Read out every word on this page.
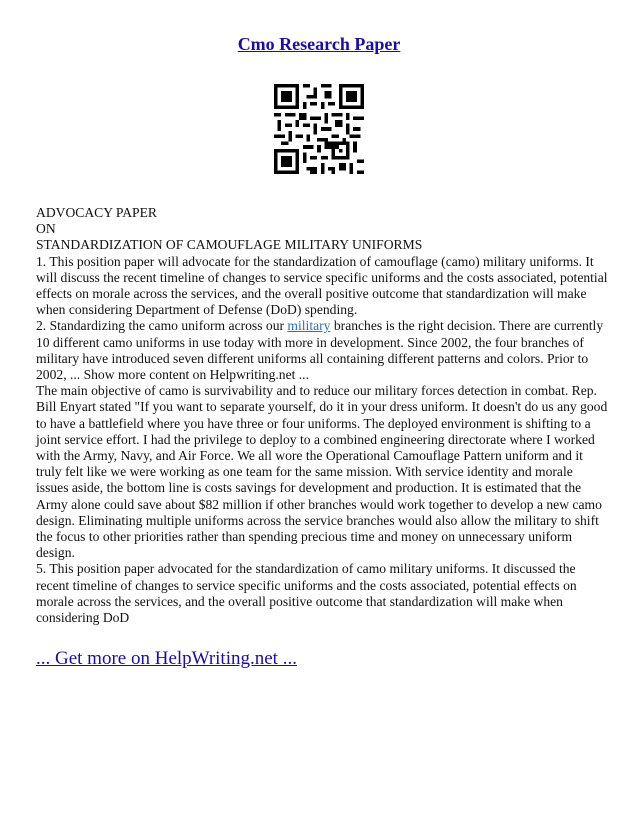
Cmo Research Paper

ADVOCACY PAPER

ON

STANDARDIZATION OF CAMOUFLAGE MILITARY UNIFORMS

1. This position paper will advocate for the standardization of camouflage (camo) military uniforms. It will discuss the recent timeline of changes to service specific uniforms and the costs associated, potential effects on morale across the services, and the overall positive outcome that standardization will make when considering Department of Defense (DoD) spending.

2. Standardizing the camo uniform across our military branches is the right decision. There are currently 10 different camo uniforms in use today with more in development. Since 2002, the four branches of military have introduced seven different uniforms all containing different patterns and colors. Prior to 2002, ... Show more content on Helpwriting.net ...

The main objective of camo is survivability and to reduce our military forces detection in combat. Rep. Bill Enyart stated "If you want to separate yourself, do it in your dress uniform. It doesn't do us any good to have a battlefield where you have three or four uniforms. The deployed environment is shifting to a joint service effort. I had the privilege to deploy to a combined engineering directorate where I worked with the Army, Navy, and Air Force. We all wore the Operational Camouflage Pattern uniform and it truly felt like we were working as one team for the same mission. With service identity and morale issues aside, the bottom line is costs savings for development and production. It is estimated that the Army alone could save about $82 million if other branches would work together to develop a new camo design. Eliminating multiple uniforms across the service branches would also allow the military to shift the focus to other priorities rather than spending precious time and money on unnecessary uniform design.

5. This position paper advocated for the standardization of camo military uniforms. It discussed the recent timeline of changes to service specific uniforms and the costs associated, potential effects on morale across the services, and the overall positive outcome that standardization will make when considering DoD

... Get more on HelpWriting.net ...
